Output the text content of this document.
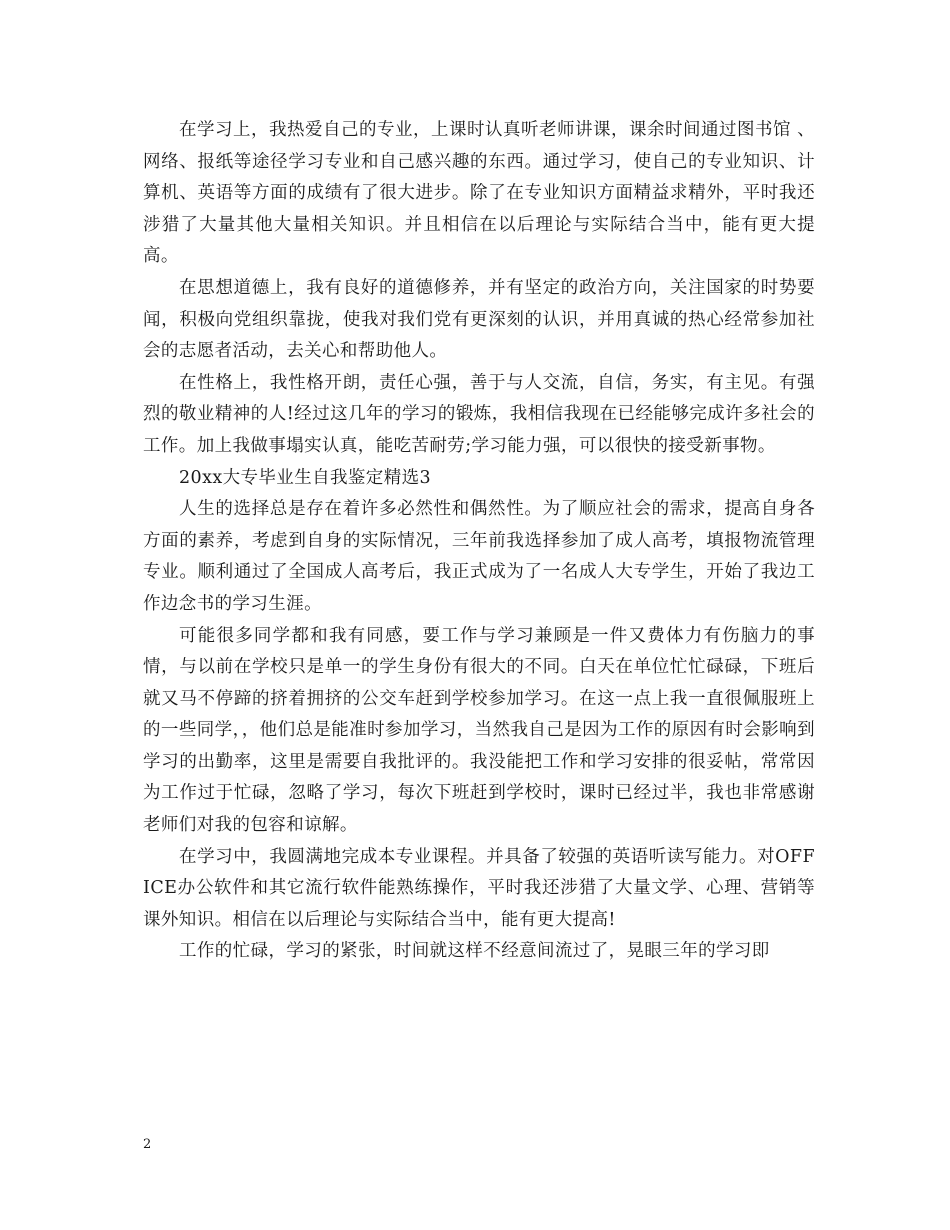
在学习上，我热爱自己的专业，上课时认真听老师讲课，课余时间通过图书馆 、网络、报纸等途径学习专业和自己感兴趣的东西。通过学习，使自己的专业知识、计算机、英语等方面的成绩有了很大进步。除了在专业知识方面精益求精外，平时我还涉猎了大量其他大量相关知识。并且相信在以后理论与实际结合当中，能有更大提高。

在思想道德上，我有良好的道德修养，并有坚定的政治方向，关注国家的时势要闻，积极向党组织靠拢，使我对我们党有更深刻的认识，并用真诚的热心经常参加社会的志愿者活动，去关心和帮助他人。

在性格上，我性格开朗，责任心强，善于与人交流，自信，务实，有主见。有强烈的敬业精神的人!经过这几年的学习的锻炼，我相信我现在已经能够完成许多社会的工作。加上我做事塌实认真，能吃苦耐劳;学习能力强，可以很快的接受新事物。

20xx大专毕业生自我鉴定精选3

人生的选择总是存在着许多必然性和偶然性。为了顺应社会的需求，提高自身各方面的素养，考虑到自身的实际情况，三年前我选择参加了成人高考，填报物流管理专业。顺利通过了全国成人高考后，我正式成为了一名成人大专学生，开始了我边工作边念书的学习生涯。

可能很多同学都和我有同感，要工作与学习兼顾是一件又费体力有伤脑力的事情，与以前在学校只是单一的学生身份有很大的不同。白天在单位忙忙碌碌，下班后就又马不停蹄的挤着拥挤的公交车赶到学校参加学习。在这一点上我一直很佩服班上的一些同学，，他们总是能准时参加学习，当然我自己是因为工作的原因有时会影响到学习的出勤率，这里是需要自我批评的。我没能把工作和学习安排的很妥帖，常常因为工作过于忙碌，忽略了学习，每次下班赶到学校时，课时已经过半，我也非常感谢老师们对我的包容和谅解。

在学习中，我圆满地完成本专业课程。并具备了较强的英语听读写能力。对OFFICE办公软件和其它流行软件能熟练操作，平时我还涉猎了大量文学、心理、营销等课外知识。相信在以后理论与实际结合当中，能有更大提高!

工作的忙碌，学习的紧张，时间就这样不经意间流过了，晃眼三年的学习即

2
